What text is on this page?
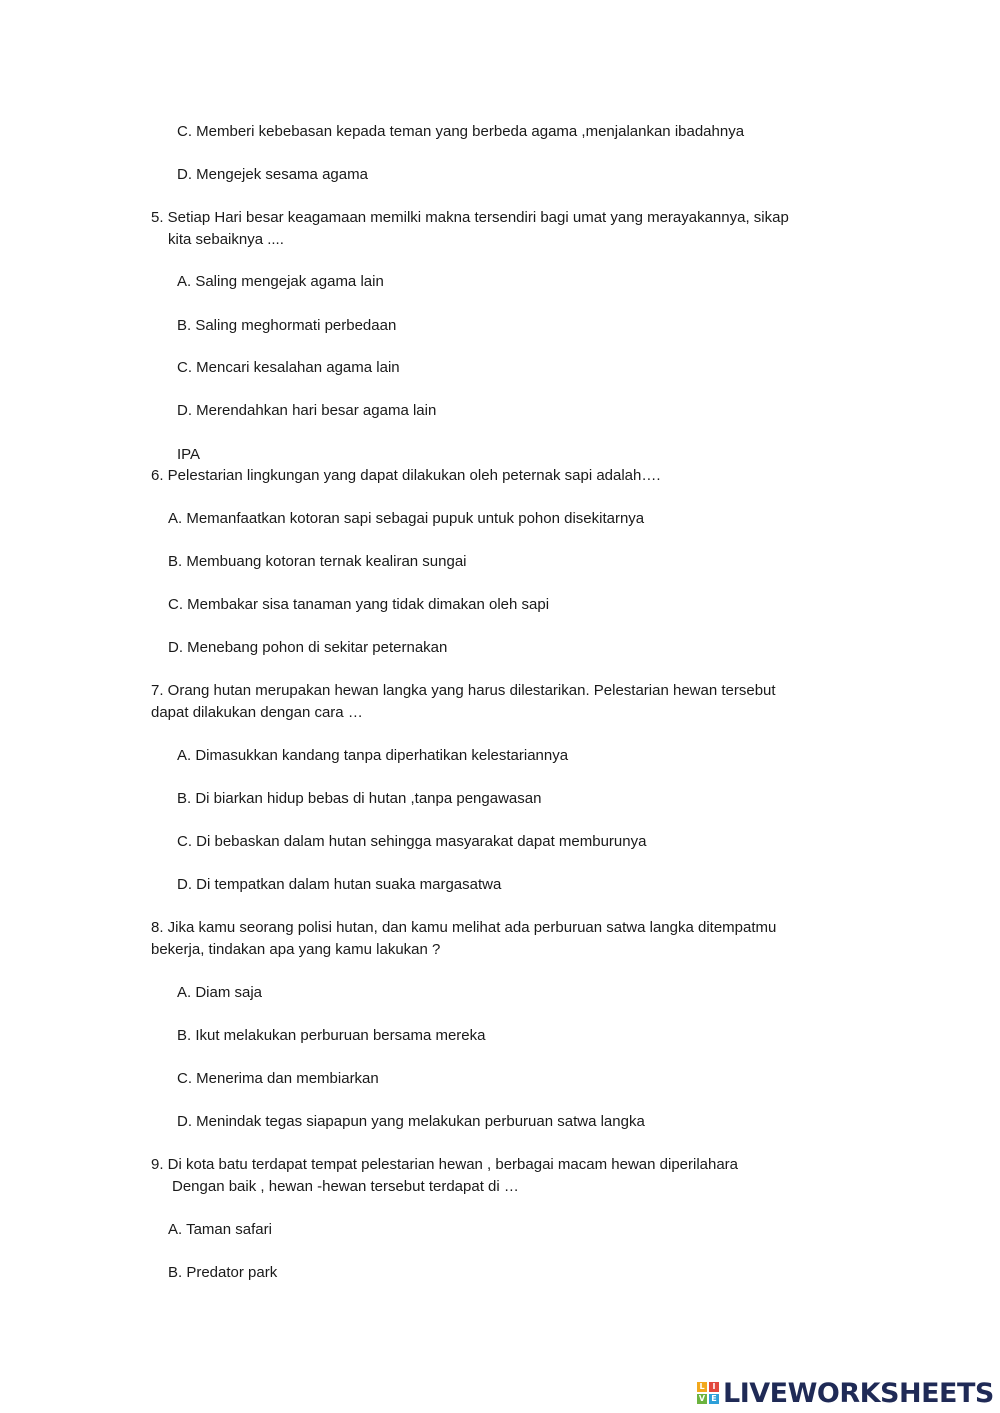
C. Memberi kebebasan kepada teman yang berbeda agama ,menjalankan ibadahnya
D. Mengejek sesama agama
5. Setiap Hari besar keagamaan memilki makna tersendiri bagi umat yang merayakannya, sikap
kita sebaiknya ....
A. Saling mengejak agama lain
B. Saling meghormati perbedaan
C. Mencari kesalahan agama lain
D. Merendahkan hari besar agama lain
IPA
6. Pelestarian lingkungan yang dapat dilakukan oleh peternak sapi adalah….
A. Memanfaatkan kotoran sapi sebagai pupuk untuk pohon disekitarnya
B. Membuang kotoran ternak kealiran sungai
C. Membakar sisa tanaman yang tidak dimakan oleh sapi
D. Menebang pohon di sekitar peternakan
7. Orang hutan merupakan hewan langka yang harus dilestarikan. Pelestarian hewan tersebut
dapat dilakukan dengan cara …
A. Dimasukkan kandang tanpa diperhatikan kelestariannya
B. Di biarkan hidup bebas di hutan ,tanpa pengawasan
C. Di bebaskan dalam hutan sehingga masyarakat dapat memburunya
D. Di tempatkan dalam hutan suaka margasatwa
8. Jika kamu seorang polisi hutan, dan kamu melihat ada perburuan satwa langka ditempatmu
bekerja, tindakan apa yang kamu lakukan ?
A. Diam saja
B. Ikut melakukan perburuan bersama mereka
C. Menerima dan membiarkan
D. Menindak tegas siapapun yang melakukan perburuan satwa langka
9. Di kota batu terdapat tempat pelestarian hewan , berbagai macam hewan diperilahara
Dengan baik , hewan -hewan tersebut terdapat di …
A. Taman safari
B. Predator park
L I
V E LIVEWORKSHEETS
